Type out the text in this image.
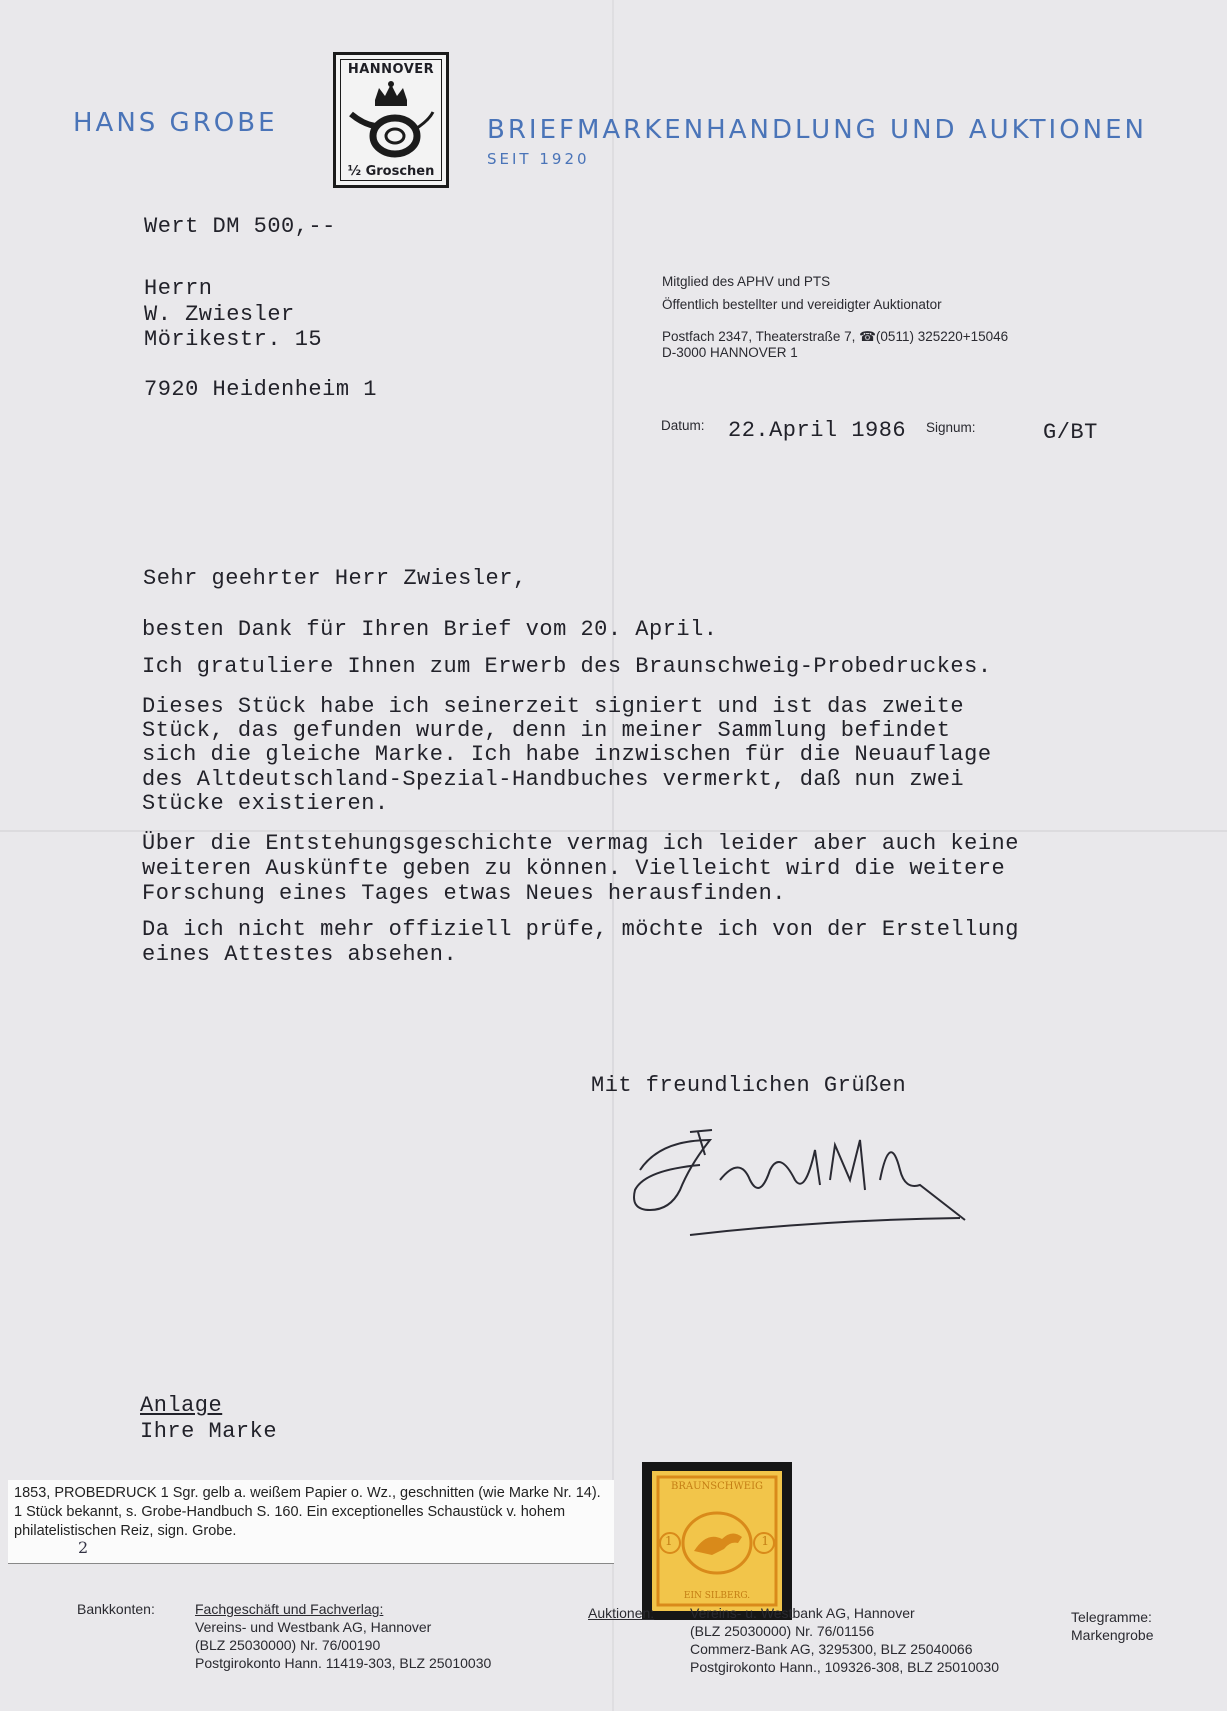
HANS GROBE
HANNOVER
½ Groschen
BRIEFMARKENHANDLUNG UND AUKTIONEN
SEIT 1920
Wert DM 500,--
Herrn
W. Zwiesler
Mörikestr. 15
7920 Heidenheim 1
Mitglied des APHV und PTS
Öffentlich bestellter und vereidigter Auktionator
Postfach 2347, Theaterstraße 7, ☎(0511) 325220+15046
D-3000 HANNOVER 1
Datum: 22.April 1986 Signum:	G/BT
Sehr geehrter Herr Zwiesler,
besten Dank für Ihren Brief vom 20. April.
Ich gratuliere Ihnen zum Erwerb des Braunschweig-Probedruckes.
Dieses Stück habe ich seinerzeit signiert und ist das zweite
Stück, das gefunden wurde, denn in meiner Sammlung befindet
sich die gleiche Marke. Ich habe inzwischen für die Neuauflage
des Altdeutschland-Spezial-Handbuches vermerkt, daß nun zwei
Stücke existieren.
Über die Entstehungsgeschichte vermag ich leider aber auch keine
weiteren Auskünfte geben zu können. Vielleicht wird die weitere
Forschung eines Tages etwas Neues herausfinden.
Da ich nicht mehr offiziell prüfe, möchte ich von der Erstellung
eines Attestes absehen.
Mit freundlichen Grüßen
Anlage
Ihre Marke
1853, PROBEDRUCK 1 Sgr. gelb a. weißem Papier o. Wz., geschnitten (wie Marke Nr. 14). 1 Stück bekannt, s. Grobe-Handbuch S. 160. Ein exceptionelles Schaustück v. hohem philatelistischen Reiz, sign. Grobe.
2
BRAUNSCHWEIG
1	1
EIN SILBERG.
Bankkonten:	Fachgeschäft und Fachverlag:
Vereins- und Westbank AG, Hannover
(BLZ 25030000) Nr. 76/00190
Postgirokonto Hann. 11419-303, BLZ 25010030
Auktionen:	Vereins- u. Westbank AG, Hannover
(BLZ 25030000) Nr. 76/01156
Commerz-Bank AG, 3295300, BLZ 25040066
Postgirokonto Hann., 109326-308, BLZ 25010030
Telegramme:
Markengrobe
